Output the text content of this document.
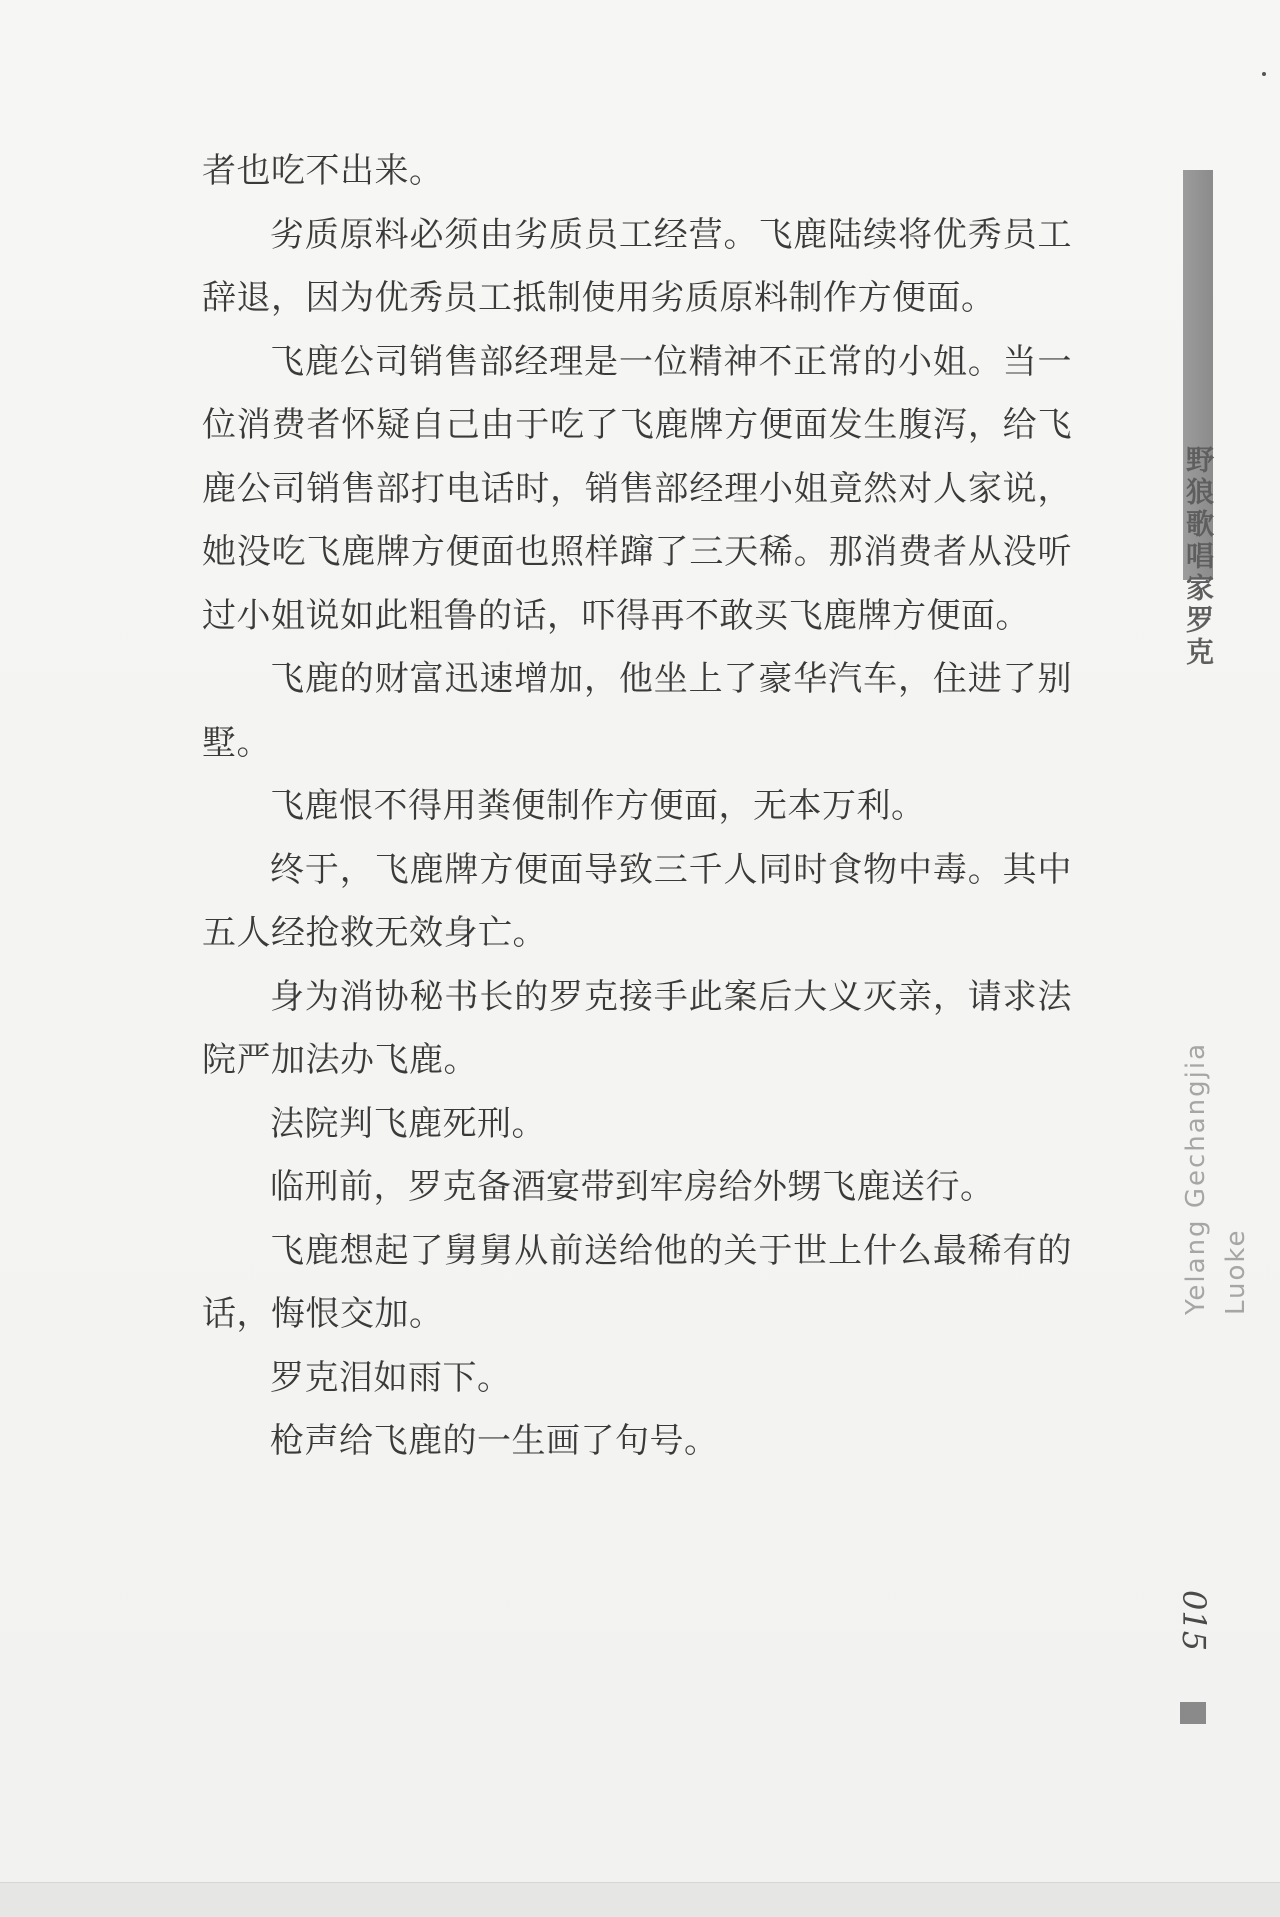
者也吃不出来。

劣质原料必须由劣质员工经营。飞鹿陆续将优秀员工辞退，因为优秀员工抵制使用劣质原料制作方便面。

飞鹿公司销售部经理是一位精神不正常的小姐。当一位消费者怀疑自己由于吃了飞鹿牌方便面发生腹泻，给飞鹿公司销售部打电话时，销售部经理小姐竟然对人家说，她没吃飞鹿牌方便面也照样蹿了三天稀。那消费者从没听过小姐说如此粗鲁的话，吓得再不敢买飞鹿牌方便面。

飞鹿的财富迅速增加，他坐上了豪华汽车，住进了别墅。

飞鹿恨不得用粪便制作方便面，无本万利。

终于，飞鹿牌方便面导致三千人同时食物中毒。其中五人经抢救无效身亡。

身为消协秘书长的罗克接手此案后大义灭亲，请求法院严加法办飞鹿。

法院判飞鹿死刑。

临刑前，罗克备酒宴带到牢房给外甥飞鹿送行。

飞鹿想起了舅舅从前送给他的关于世上什么最稀有的话，悔恨交加。

罗克泪如雨下。

枪声给飞鹿的一生画了句号。

野狼歌唱家罗克
Yelang Gechangjia Luoke
015
